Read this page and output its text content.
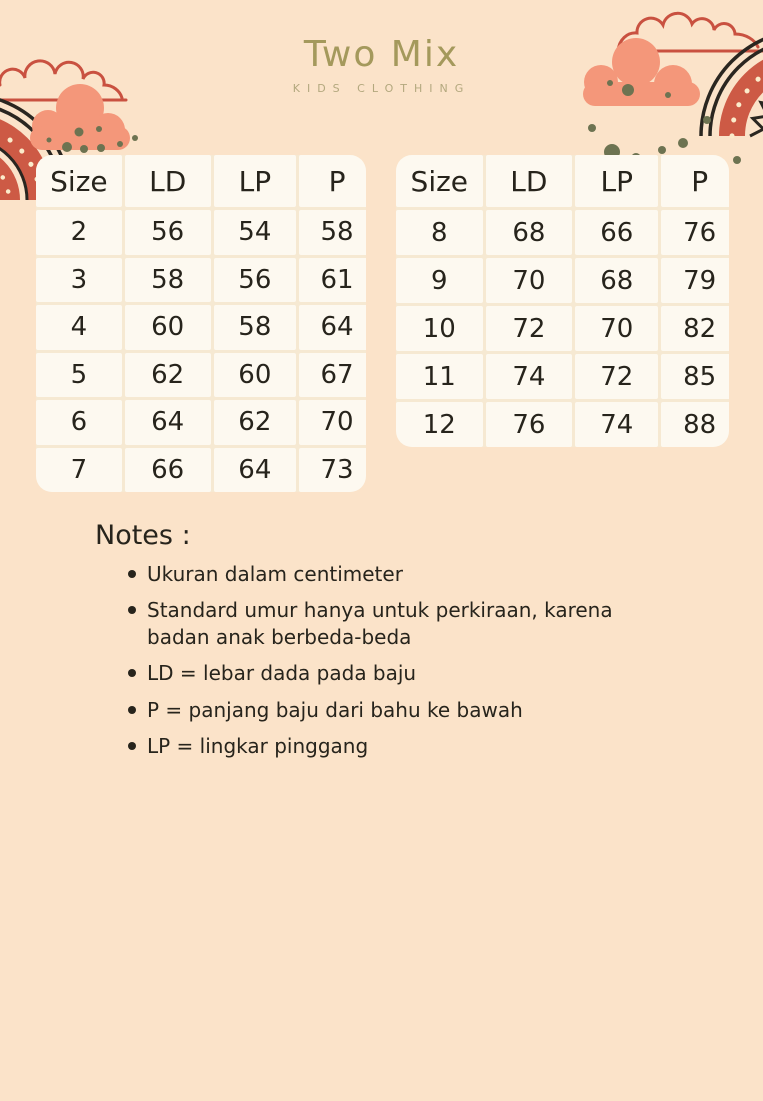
Two Mix
KIDS CLOTHING
Size	LD	LP	P
2	56	54	58
3	58	56	61
4	60	58	64
5	62	60	67
6	64	62	70
7	66	64	73
Size	LD	LP	P
8	68	66	76
9	70	68	79
10	72	70	82
11	74	72	85
12	76	74	88
Notes :
Ukuran dalam centimeter
Standard umur hanya untuk perkiraan, karena badan anak berbeda-beda
LD = lebar dada pada baju
P = panjang baju dari bahu ke bawah
LP = lingkar pinggang
